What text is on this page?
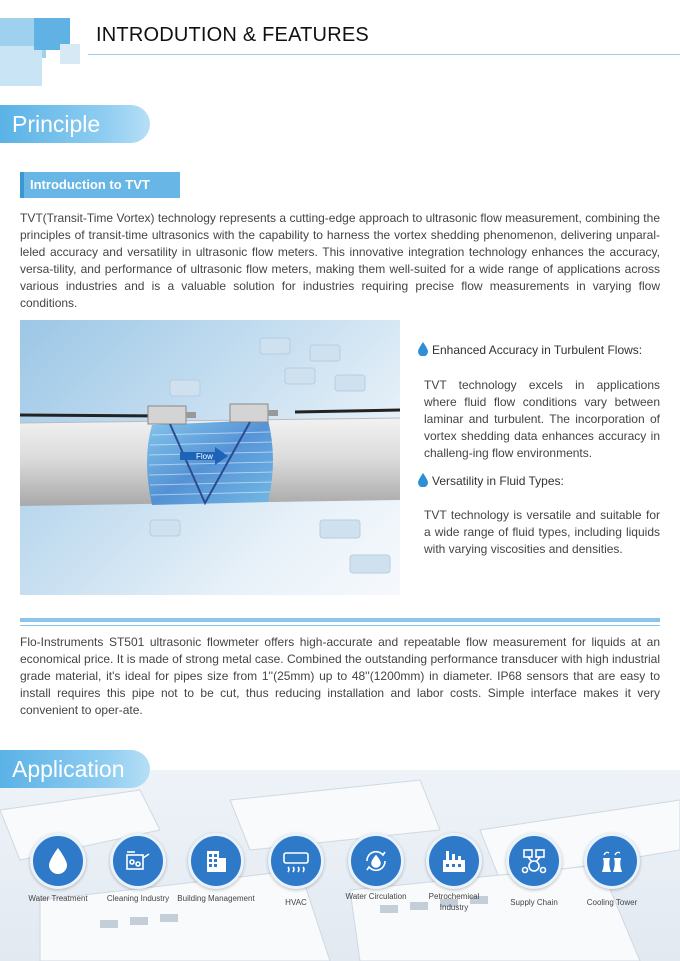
INTRODUTION & FEATURES
Principle
Introduction to TVT
TVT(Transit-Time Vortex) technology represents a cutting-edge approach to ultrasonic flow measurement, combining the principles of transit-time ultrasonics with the capability to harness the vortex shedding phenomenon, delivering unparal-leled accuracy and versatility in ultrasonic flow meters. This innovative integration technology enhances the accuracy, versa-tility, and performance of ultrasonic flow meters, making them well-suited for a wide range of applications across various industries and is a valuable solution for industries requiring precise flow measurements in varying flow conditions.
Flow
Enhanced Accuracy in Turbulent Flows:
TVT technology excels in applications where fluid flow conditions vary between laminar and turbulent. The incorporation of vortex shedding data enhances accuracy in challeng-ing flow environments.
Versatility in Fluid Types:
TVT technology is versatile and suitable for a wide range of fluid types, including liquids with varying viscosities and densities.
Flo-Instruments ST501 ultrasonic flowmeter offers high-accurate and repeatable flow measurement for liquids at an economical price. It is made of strong metal case. Combined the outstanding performance transducer with high industrial grade material, it's ideal for pipes size from 1''(25mm) up to 48''(1200mm) in diameter. IP68 sensors that are easy to install requires this pipe not to be cut, thus reducing installation and labor costs. Simple interface makes it very convenient to oper-ate.
Application
Water Treatment	Cleaning Industry	Building Management	HVAC
Water Circulation	Petrochemical Industry
Supply Chain	Cooling Tower
